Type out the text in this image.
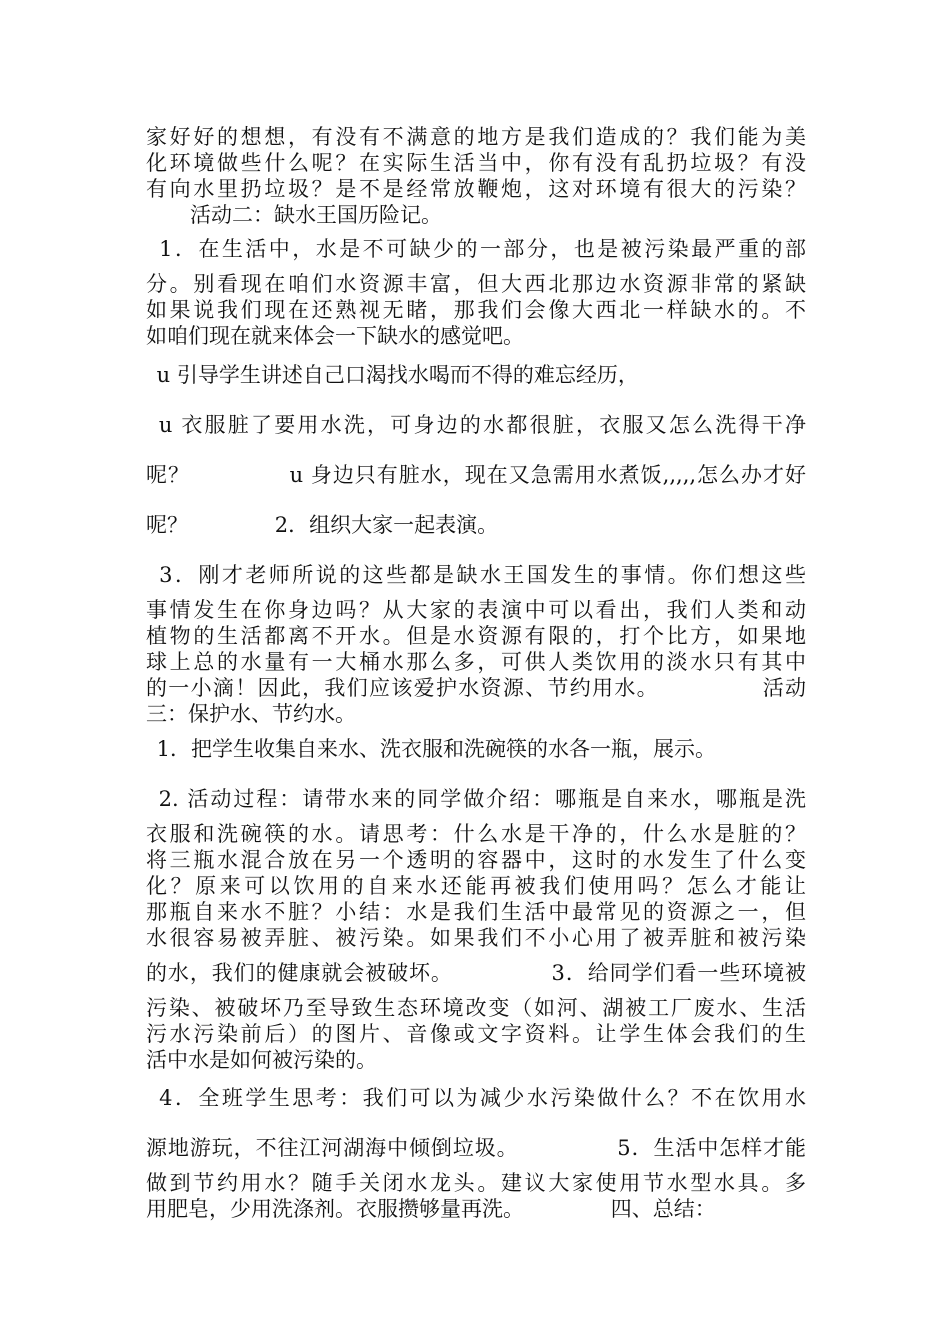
家好好的想想，有没有不满意的地方是我们造成的？我们能为美
化环境做些什么呢？在实际生活当中，你有没有乱扔垃圾？有没
有向水里扔垃圾？是不是经常放鞭炮，这对环境有很大的污染？
活动二：缺水王国历险记。
1．在生活中，水是不可缺少的一部分，也是被污染最严重的部
分。别看现在咱们水资源丰富，但大西北那边水资源非常的紧缺
如果说我们现在还熟视无睹，那我们会像大西北一样缺水的。不
如咱们现在就来体会一下缺水的感觉吧。
u 引导学生讲述自己口渴找水喝而不得的难忘经历，
u 衣服脏了要用水洗，可身边的水都很脏，衣服又怎么洗得干净
呢？             u 身边只有脏水，现在又急需用水煮饭,,,,,怎么办才好
呢？             2．组织大家一起表演。
3．刚才老师所说的这些都是缺水王国发生的事情。你们想这些
事情发生在你身边吗？从大家的表演中可以看出，我们人类和动
植物的生活都离不开水。但是水资源有限的，打个比方，如果地
球上总的水量有一大桶水那么多，可供人类饮用的淡水只有其中
的一小滴！因此，我们应该爱护水资源、节约用水。             活动
三：保护水、节约水。
1．把学生收集自来水、洗衣服和洗碗筷的水各一瓶，展示。
2. 活动过程：请带水来的同学做介绍：哪瓶是自来水，哪瓶是洗
衣服和洗碗筷的水。请思考：什么水是干净的，什么水是脏的？
将三瓶水混合放在另一个透明的容器中，这时的水发生了什么变
化？原来可以饮用的自来水还能再被我们使用吗？怎么才能让
那瓶自来水不脏？小结：水是我们生活中最常见的资源之一，但
水很容易被弄脏、被污染。如果我们不小心用了被弄脏和被污染
的水，我们的健康就会被破坏。             3．给同学们看一些环境被
污染、被破坏乃至导致生态环境改变（如河、湖被工厂废水、生活
污水污染前后）的图片、音像或文字资料。让学生体会我们的生
活中水是如何被污染的。
4．全班学生思考：我们可以为减少水污染做什么？不在饮用水
源地游玩，不往江河湖海中倾倒垃圾。             5．生活中怎样才能
做到节约用水？随手关闭水龙头。建议大家使用节水型水具。多
用肥皂，少用洗涤剂。衣服攒够量再洗。             四、总结：
